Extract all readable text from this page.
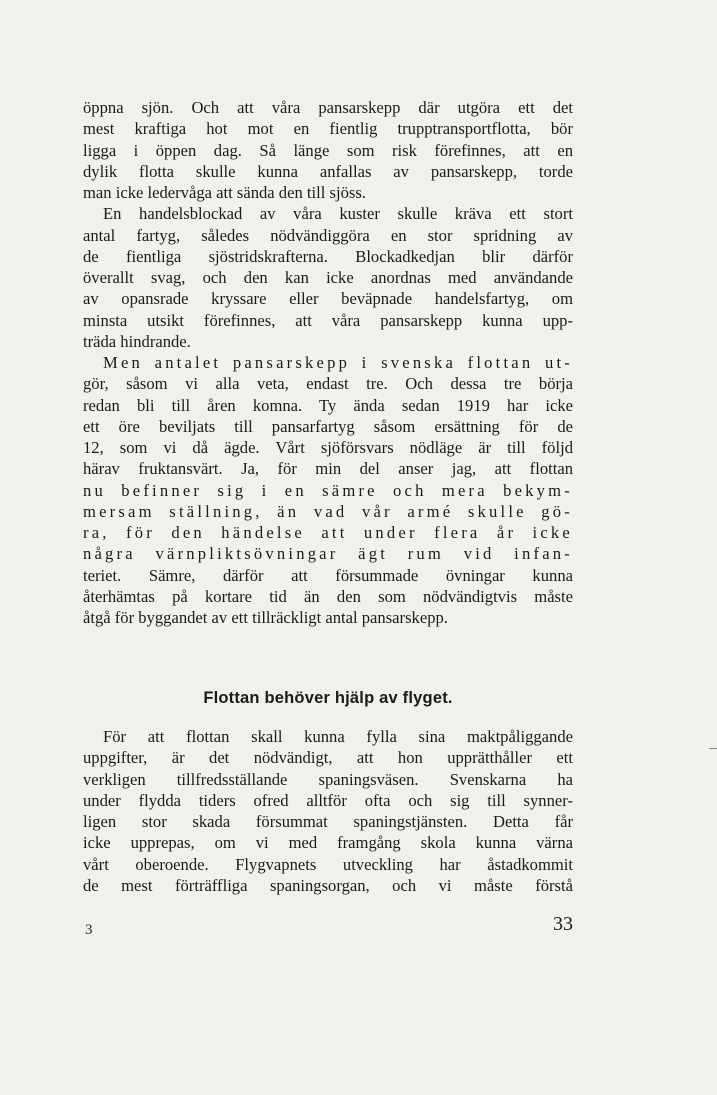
öppna sjön. Och att våra pansarskepp där utgöra ett det
mest kraftiga hot mot en fientlig trupptransportflotta, bör
ligga i öppen dag. Så länge som risk förefinnes, att en
dylik flotta skulle kunna anfallas av pansarskepp, torde
man icke ledervåga att sända den till sjöss.
En handelsblockad av våra kuster skulle kräva ett stort
antal fartyg, således nödvändiggöra en stor spridning av
de fientliga sjöstridskrafterna. Blockadkedjan blir därför
överallt svag, och den kan icke anordnas med användande
av opansrade kryssare eller beväpnade handelsfartyg, om
minsta utsikt förefinnes, att våra pansarskepp kunna upp-
träda hindrande.
Men antalet pansarskepp i svenska flottan ut-
gör, såsom vi alla veta, endast tre. Och dessa tre börja
redan bli till åren komna. Ty ända sedan 1919 har icke
ett öre beviljats till pansarfartyg såsom ersättning för de
12, som vi då ägde. Vårt sjöförsvars nödläge är till följd
härav fruktansvärt. Ja, för min del anser jag, att flottan
nu befinner sig i en sämre och mera bekym-
mersam ställning, än vad vår armé skulle gö-
ra, för den händelse att under flera år icke
några värnpliktsövningar ägt rum vid infan-
teriet. Sämre, därför att försummade övningar kunna
återhämtas på kortare tid än den som nödvändigtvis måste
åtgå för byggandet av ett tillräckligt antal pansarskepp.
Flottan behöver hjälp av flyget.
För att flottan skall kunna fylla sina maktpåliggande
uppgifter, är det nödvändigt, att hon upprätthåller ett
verkligen tillfredsställande spaningsväsen. Svenskarna ha
under flydda tiders ofred alltför ofta och sig till synner-
ligen stor skada försummat spaningstjänsten. Detta får
icke upprepas, om vi med framgång skola kunna värna
vårt oberoende. Flygvapnets utveckling har åstadkommit
de mest förträffliga spaningsorgan, och vi måste förstå
3	33
